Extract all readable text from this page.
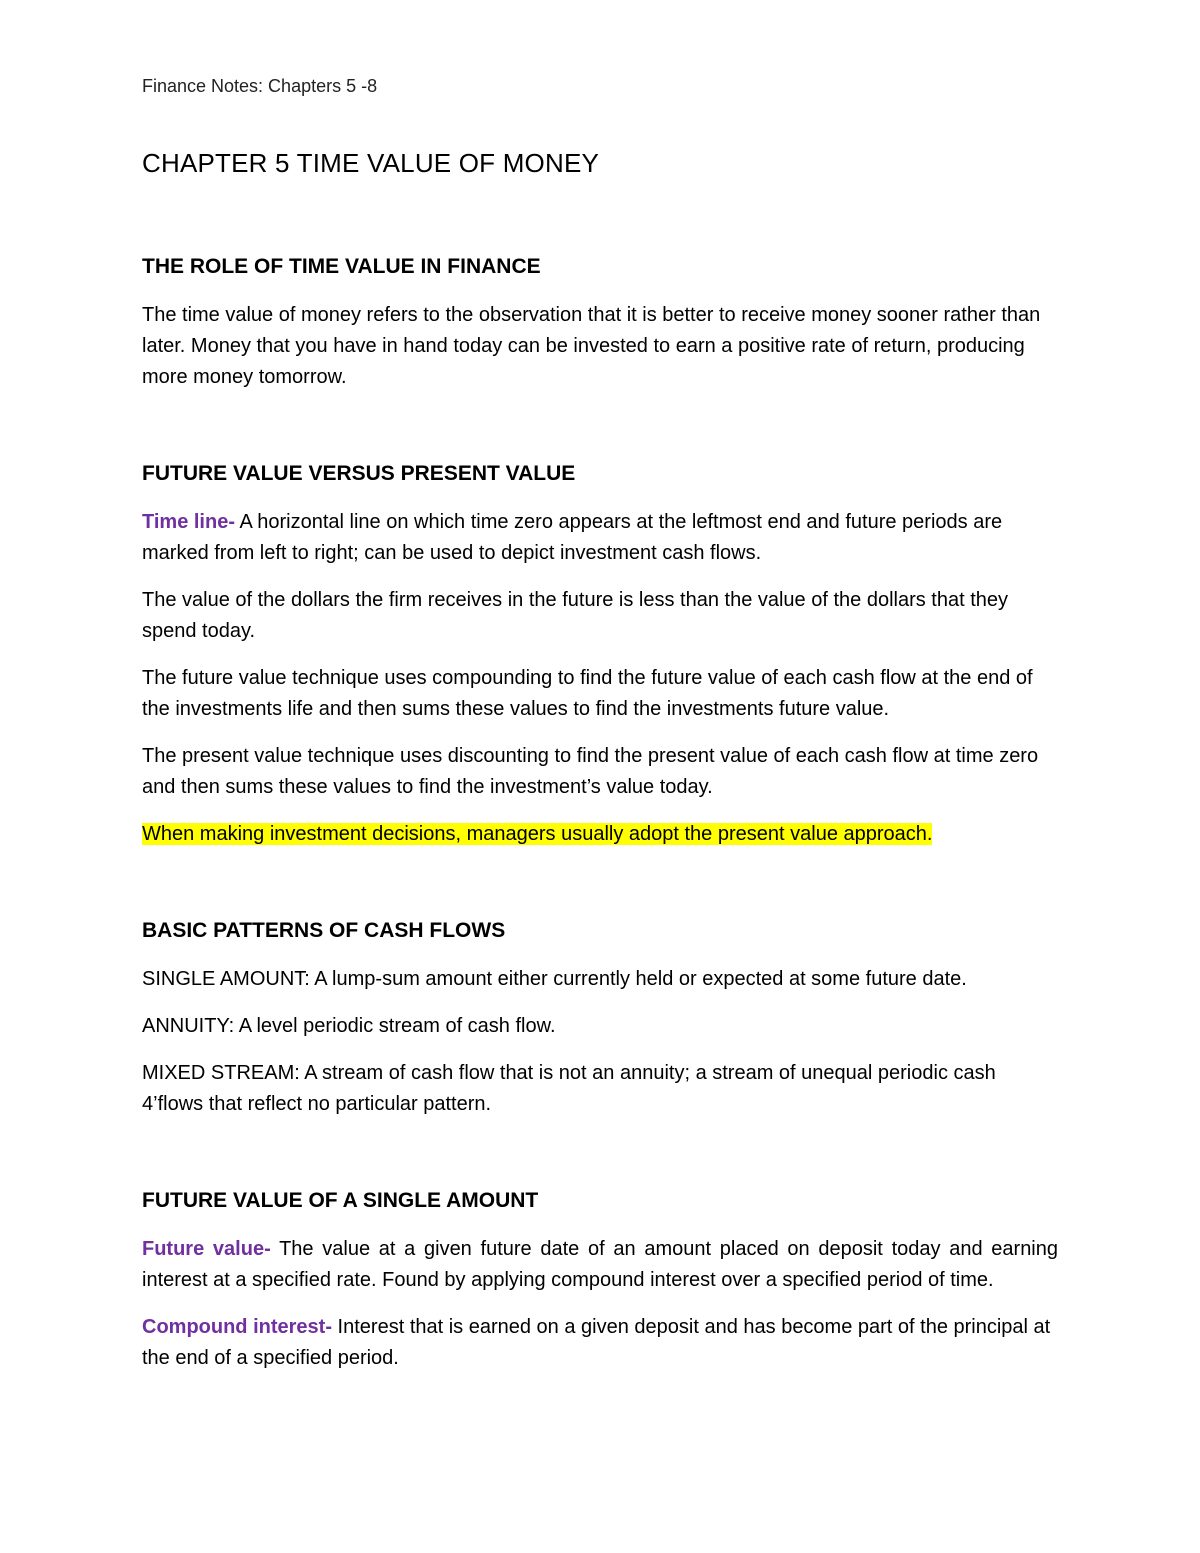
Finance Notes: Chapters 5 -8

CHAPTER 5 TIME VALUE OF MONEY
THE ROLE OF TIME VALUE IN FINANCE

The time value of money refers to the observation that it is better to receive money sooner rather than later. Money that you have in hand today can be invested to earn a positive rate of return, producing more money tomorrow.

FUTURE VALUE VERSUS PRESENT VALUE

Time line- A horizontal line on which time zero appears at the leftmost end and future periods are marked from left to right; can be used to depict investment cash flows.

The value of the dollars the firm receives in the future is less than the value of the dollars that they spend today.

The future value technique uses compounding to find the future value of each cash flow at the end of the investments life and then sums these values to find the investments future value.

The present value technique uses discounting to find the present value of each cash flow at time zero and then sums these values to find the investment’s value today.

When making investment decisions, managers usually adopt the present value approach.

BASIC PATTERNS OF CASH FLOWS

SINGLE AMOUNT: A lump-sum amount either currently held or expected at some future date.

ANNUITY: A level periodic stream of cash flow.

MIXED STREAM: A stream of cash flow that is not an annuity; a stream of unequal periodic cash 4’flows that reflect no particular pattern.

FUTURE VALUE OF A SINGLE AMOUNT

Future value- The value at a given future date of an amount placed on deposit today and earning interest at a specified rate. Found by applying compound interest over a specified period of time.

Compound interest- Interest that is earned on a given deposit and has become part of the principal at the end of a specified period.
